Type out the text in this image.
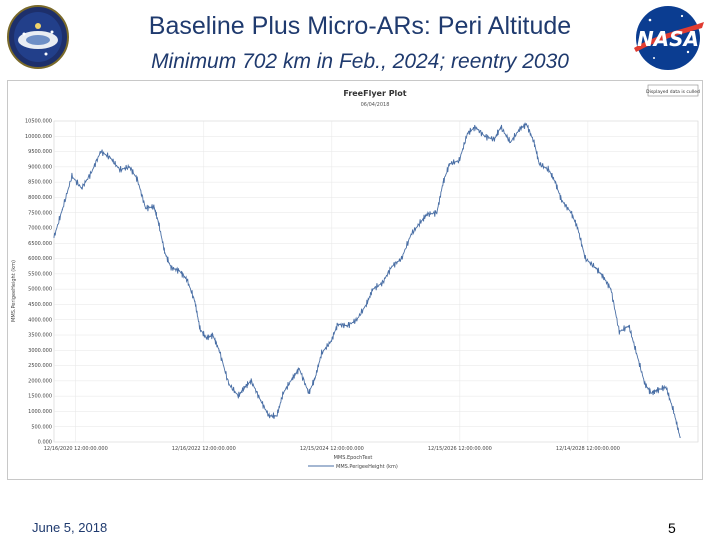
NASA
Baseline Plus Micro-ARs: Peri Altitude
Minimum 702 km in Feb., 2024; reentry 2030
FreeFlyer Plot
06/04/2018
Displayed data is culled
MMS.PerigeeHeight (km)
MMS.EpochText
MMS.PerigeeHeight (km)
0.000
500.000
1000.000
1500.000
2000.000
2500.000
3000.000
3500.000
4000.000
4500.000
5000.000
5500.000
6000.000
6500.000
7000.000
7500.000
8000.000
8500.000
9000.000
9500.000
10000.000
10500.000
12/16/2020 12:00:00.000	12/16/2022 12:00:00.000	12/15/2024 12:00:00.000	12/15/2026 12:00:00.000	12/14/2028 12:00:00.000
June 5, 2018	5
